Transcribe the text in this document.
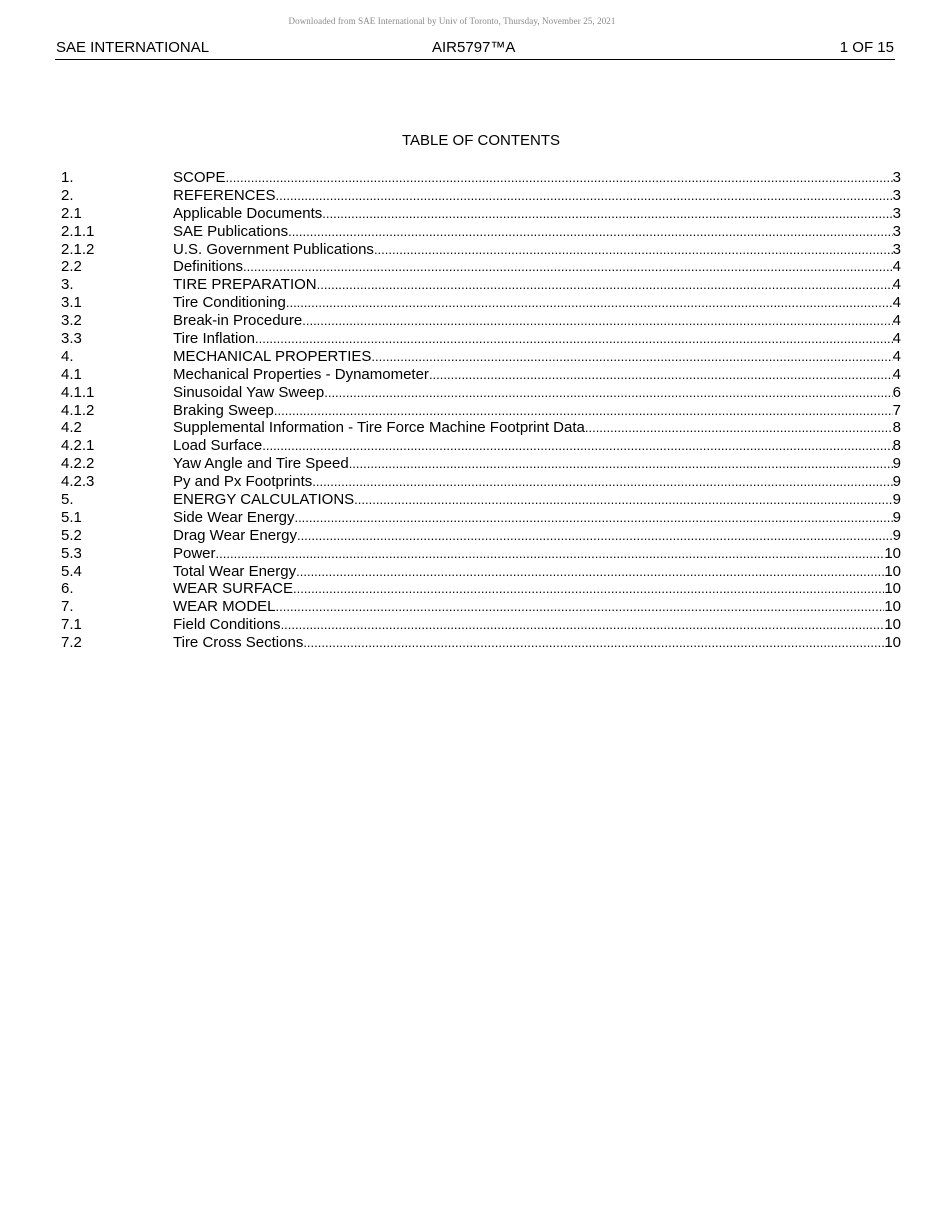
Downloaded from SAE International by Univ of Toronto, Thursday, November 25, 2021
SAE INTERNATIONAL	AIR5797™A	1 OF 15
TABLE OF CONTENTS
1.	SCOPE .....	3
2.	REFERENCES .....	3
2.1	Applicable Documents .....	3
2.1.1	SAE Publications .....	3
2.1.2	U.S. Government Publications .....	3
2.2	Definitions .....	4
3.	TIRE PREPARATION .....	4
3.1	Tire Conditioning .....	4
3.2	Break-in Procedure .....	4
3.3	Tire Inflation .....	4
4.	MECHANICAL PROPERTIES .....	4
4.1	Mechanical Properties - Dynamometer .....	4
4.1.1	Sinusoidal Yaw Sweep .....	6
4.1.2	Braking Sweep .....	7
4.2	Supplemental Information - Tire Force Machine Footprint Data .....	8
4.2.1	Load Surface .....	8
4.2.2	Yaw Angle and Tire Speed .....	9
4.2.3	Py and Px Footprints .....	9
5.	ENERGY CALCULATIONS .....	9
5.1	Side Wear Energy .....	9
5.2	Drag Wear Energy .....	9
5.3	Power .....	10
5.4	Total Wear Energy .....	10
6.	WEAR SURFACE .....	10
7.	WEAR MODEL .....	10
7.1	Field Conditions .....	10
7.2	Tire Cross Sections .....	10
